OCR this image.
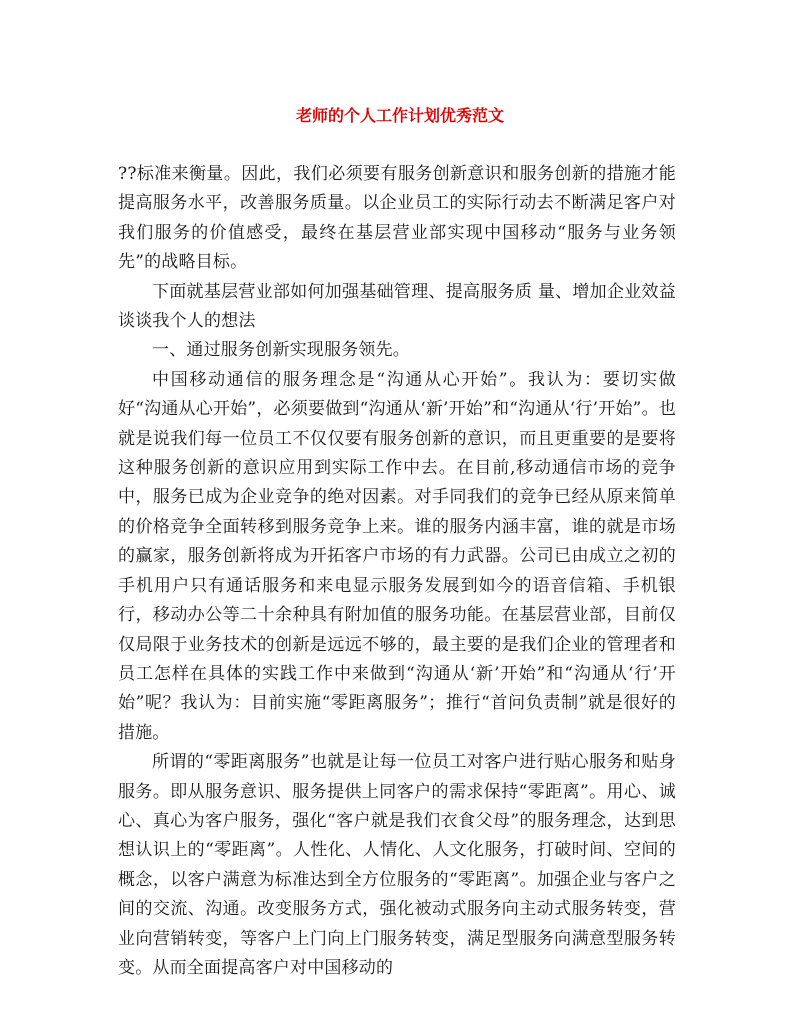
老师的个人工作计划优秀范文

??标准来衡量。因此，我们必须要有服务创新意识和服务创新的措施才能提高服务水平，改善服务质量。以企业员工的实际行动去不断满足客户对我们服务的价值感受，最终在基层营业部实现中国移动“服务与业务领先”的战略目标。

下面就基层营业部如何加强基础管理、提高服务质 量、增加企业效益谈谈我个人的想法

一、通过服务创新实现服务领先。

中国移动通信的服务理念是“沟通从心开始”。我认为：要切实做好“沟通从心开始”，必须要做到“沟通从‘新’开始”和“沟通从‘行’开始”。也就是说我们每一位员工不仅仅要有服务创新的意识，而且更重要的是要将这种服务创新的意识应用到实际工作中去。在目前,移动通信市场的竞争中，服务已成为企业竞争的绝对因素。对手同我们的竞争已经从原来简单的价格竞争全面转移到服务竞争上来。谁的服务内涵丰富，谁的就是市场的赢家，服务创新将成为开拓客户市场的有力武器。公司已由成立之初的手机用户只有通话服务和来电显示服务发展到如今的语音信箱、手机银行，移动办公等二十余种具有附加值的服务功能。在基层营业部，目前仅仅局限于业务技术的创新是远远不够的，最主要的是我们企业的管理者和员工怎样在具体的实践工作中来做到“沟通从‘新’开始”和“沟通从‘行’开始”呢？我认为：目前实施“零距离服务”；推行“首问负责制”就是很好的措施。

所谓的“零距离服务”也就是让每一位员工对客户进行贴心服务和贴身服务。即从服务意识、服务提供上同客户的需求保持“零距离”。用心、诚心、真心为客户服务，强化“客户就是我们衣食父母”的服务理念，达到思想认识上的“零距离”。人性化、人情化、人文化服务，打破时间、空间的概念，以客户满意为标准达到全方位服务的“零距离”。加强企业与客户之间的交流、沟通。改变服务方式，强化被动式服务向主动式服务转变，营业向营销转变，等客户上门向上门服务转变，满足型服务向满意型服务转变。从而全面提高客户对中国移动的
